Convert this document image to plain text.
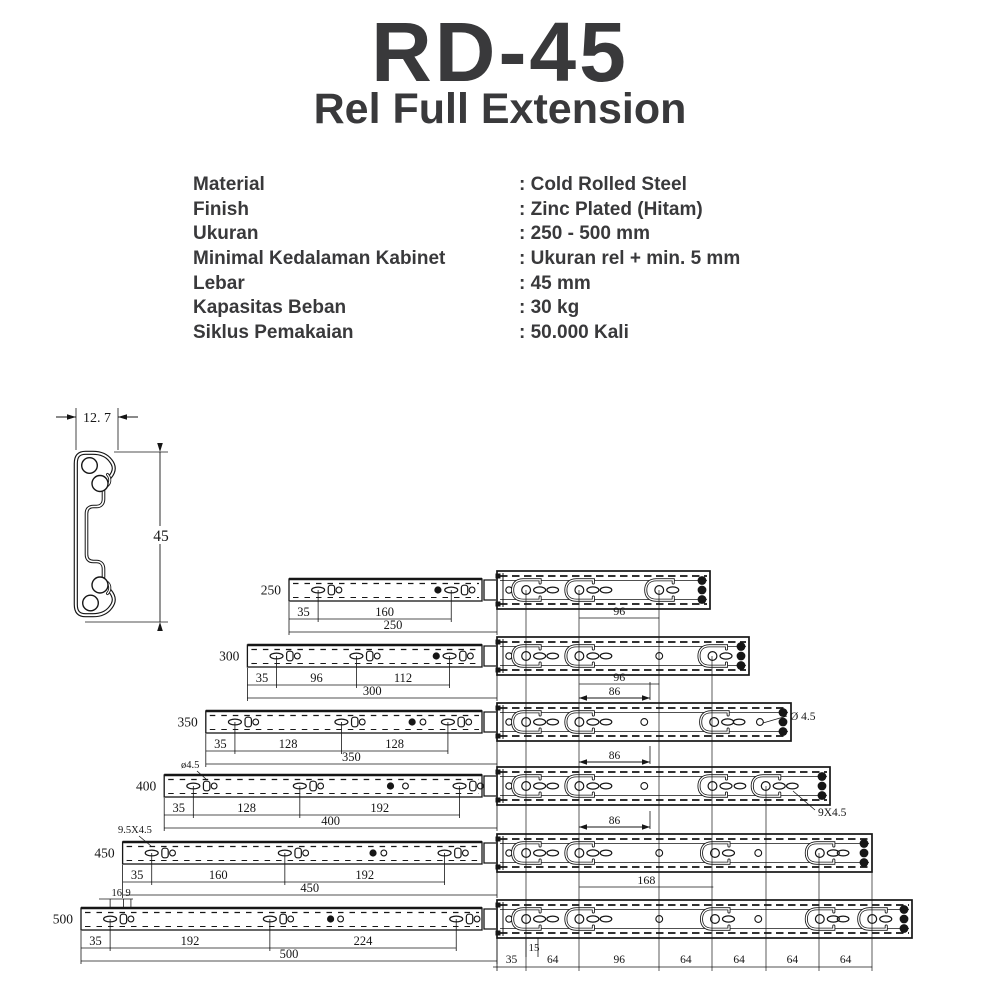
RD-45
Rel Full Extension
Material	: Cold Rolled Steel
Finish	: Zinc Plated (Hitam)
Ukuran	: 250 - 500 mm
Minimal Kedalaman Kabinet	: Ukuran rel + min. 5 mm
Lebar	: 45 mm
Kapasitas Beban	: 30 kg
Siklus Pemakaian	: 50.000 Kali
250
35	160
250
96
300
35	96	112
300
96
86
350
35	128	128
350	86
Ø 4.5
400
35	128	192
400
ø4.5
86
9X4.5
450
35	160	192
450
9.5X4.5
168
500
35	192	224
500
16 9
35	64	96	64	64	64	64
15
12. 7
45
